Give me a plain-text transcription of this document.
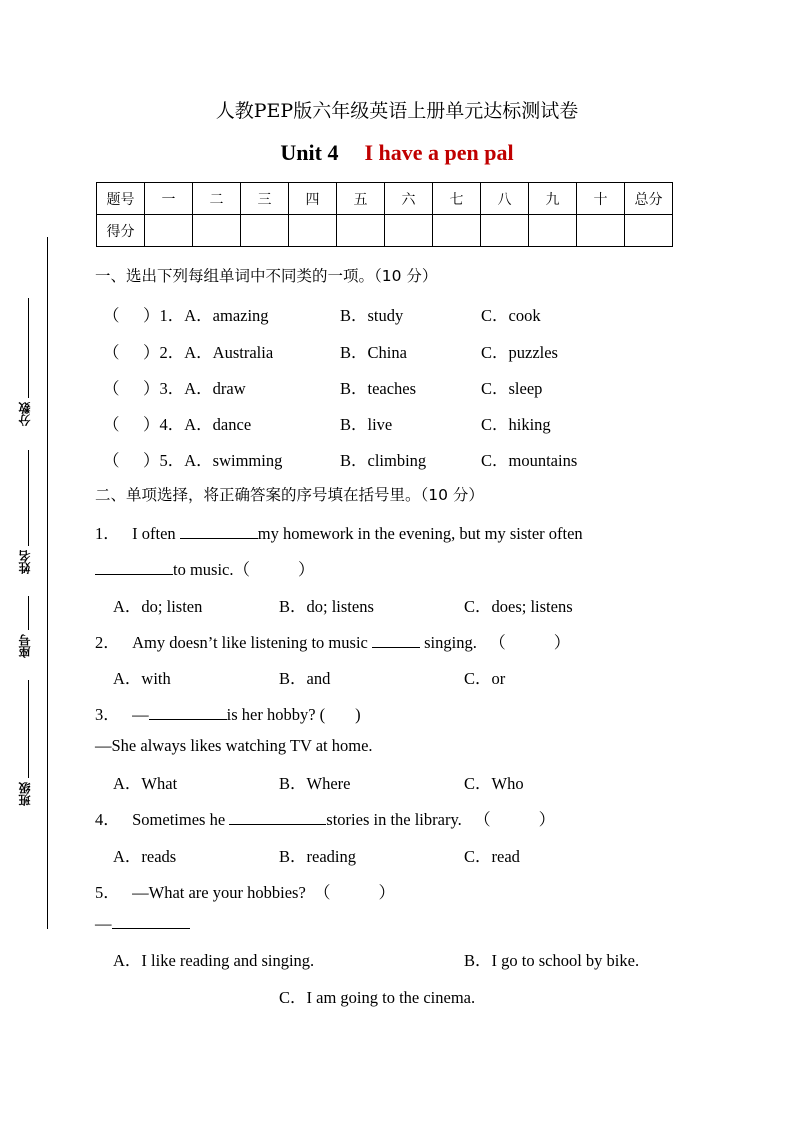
人教PEP版六年级英语上册单元达标测试卷
Unit 4 I have a pen pal
题号	一	二	三	四	五	六	七	八	九	十	总分
得分											
分数
姓名
座号
班级
一、选出下列每组单词中不同类的一项。（10 分）
（	）1．A．amazing	B．study	C．cook
（	）2．A．Australia	B．China	C．puzzles
（	）3．A．draw	B．teaches	C．sleep
（	）4．A．dance	B．live	C．hiking
（	）5．A．swimming	B．climbing	C．mountains
二、单项选择，将正确答案的序号填在括号里。（10 分）
1． I often	my homework in the evening, but my sister often
to music.（	）
A．do; listen	B．do; listens	C．does; listens
2． Amy doesn’t like listening to music	singing. （	）
A．with	B．and	C．or
3． —	is her hobby? ( )
—She always likes watching TV at home.
A．What	B．Where	C．Who
4． Sometimes he	stories in the library. （	）
A．reads	B．reading	C．read
5． —What are your hobbies? （	）
—
A．I like reading and singing.	B．I go to school by bike.
C．I am going to the cinema.
